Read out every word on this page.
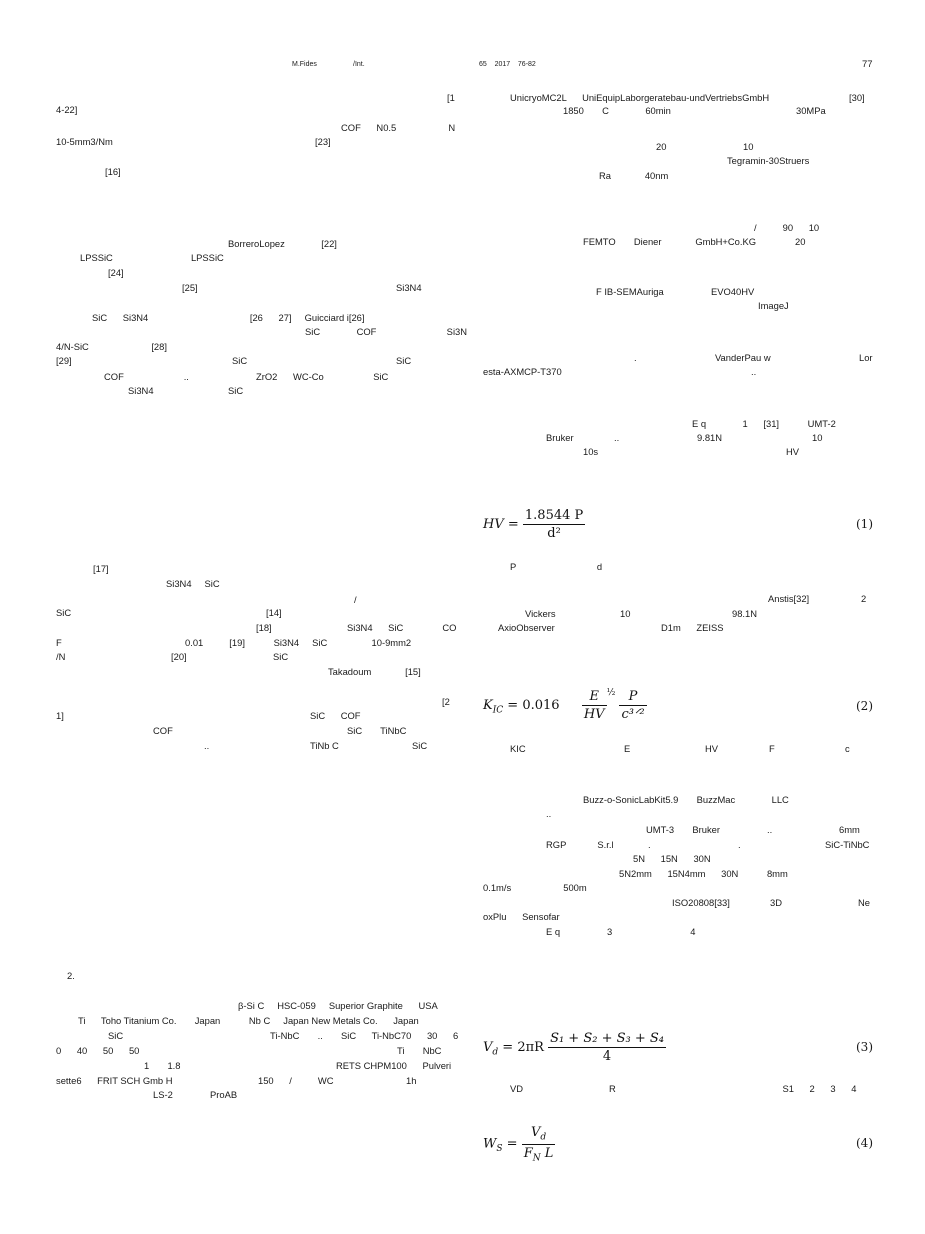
M.Fides	/Int.	65    2017    76-82	77
[1
4-22]
COF      N0.5                    N
10-5mm3/Nm	[23]
[16]
BorreroLopez              [22]
LPSSiC                              LPSSiC
[24]
[25]	Si3N4
SiC      Si3N4                                       [26      27]     Guicciard i[26]
SiC              COF                           Si3N
4/N-SiC                        [28]
[29]	SiC	SiC
COF                       ..	ZrO2      WC-Co                   SiC
Si3N4	SiC
[17]
Si3N4     SiC
/
SiC	[14]
[18]	Si3N4      SiC               CO
F	0.01          [19]           Si3N4     SiC                 10-9mm2
/N	[20]	SiC
Takadoum             [15]
[2
1]	SiC      COF
COF	SiC       TiNbC
..	TiNb C	SiC
2.
β-Si C     HSC-059     Superior Graphite      USA
Ti      Toho Titanium Co.       Japan           Nb C     Japan New Metals Co.      Japan
SiC	Ti-NbC       ..       SiC      Ti-NbC70      30      6
0      40      50      50	Ti       NbC
1       1.8	RETS CHPM100      Pulveri
sette6      FRIT SCH Gmb H	150      /          WC	1h
LS-2	ProAB
UnicryoMC2L      UniEquipLaborgeratebau-undVertriebsGmbH	[30]
1850       C              60min	30MPa
20	10
Tegramin-30Struers
Ra             40nm
/          90      10
FEMTO       Diener             GmbH+Co.KG	20
F IB-SEMAuriga	EVO40HV
ImageJ
.	VanderPau w	Lor
esta-AXMCP-T370	..
E q              1      [31]           UMT-2
Bruker	..	9.81N	10
10s	HV
HV = $\frac{1.8544 P}{\text{d²}}$	(1)
P                               d
Anstis[32]	2
Vickers	10	98.1N
AxioObserver	D1m      ZEISS
$K_{IC} = 0.016 \frac{E}{HV} ^{\frac{1}{2}} \frac{P}{\text{c³ᐟ²}}$	(2)
KIC	E	HV	F	c
Buzz-o-SonicLabKit5.9       BuzzMac              LLC
..
UMT-3       Bruker	..	6mm
RGP            S.r.l	.	.	SiC-TiNbC
5N      15N      30N
5N2mm      15N4mm      30N           8mm
0.1m/s                    500m
ISO20808[33]	3D	Ne
oxPlu      Sensofar
E q                  3                              4
$V_d = 2\pi R \frac{\text{S₁ + S₂ + S₃ + S₄}}{4}$	(3)
VD                                 R                                                                S1      2      3      4
$W_S = \frac{V_d}{F_N L}$	(4)
